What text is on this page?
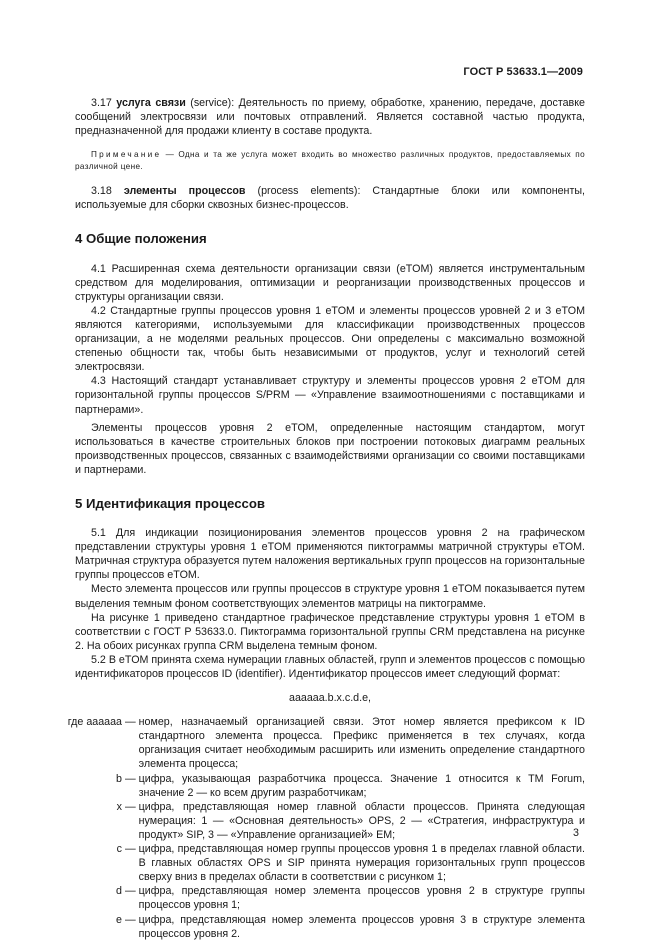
ГОСТ Р 53633.1—2009

3.17 услуга связи (service): Деятельность по приему, обработке, хранению, передаче, доставке сообщений электросвязи или почтовых отправлений. Является составной частью продукта, предназначенной для продажи клиенту в составе продукта.

Примечание — Одна и та же услуга может входить во множество различных продуктов, предоставляемых по различной цене.

3.18 элементы процессов (process elements): Стандартные блоки или компоненты, используемые для сборки сквозных бизнес-процессов.

4 Общие положения

4.1 Расширенная схема деятельности организации связи (eTOM) является инструментальным средством для моделирования, оптимизации и реорганизации производственных процессов и структуры организации связи.

4.2 Стандартные группы процессов уровня 1 eTOM и элементы процессов уровней 2 и 3 eTOM являются категориями, используемыми для классификации производственных процессов организации, а не моделями реальных процессов. Они определены с максимально возможной степенью общности так, чтобы быть независимыми от продуктов, услуг и технологий сетей электросвязи.

4.3 Настоящий стандарт устанавливает структуру и элементы процессов уровня 2 eTOM для горизонтальной группы процессов S/PRM — «Управление взаимоотношениями с поставщиками и партнерами».

Элементы процессов уровня 2 eTOM, определенные настоящим стандартом, могут использоваться в качестве строительных блоков при построении потоковых диаграмм реальных производственных процессов, связанных с взаимодействиями организации со своими поставщиками и партнерами.

5 Идентификация процессов

5.1 Для индикации позиционирования элементов процессов уровня 2 на графическом представлении структуры уровня 1 eTOM применяются пиктограммы матричной структуры eTOM. Матричная структура образуется путем наложения вертикальных групп процессов на горизонтальные группы процессов eTOM.

Место элемента процессов или группы процессов в структуре уровня 1 eTOM показывается путем выделения темным фоном соответствующих элементов матрицы на пиктограмме.

На рисунке 1 приведено стандартное графическое представление структуры уровня 1 eTOM в соответствии с ГОСТ Р 53633.0. Пиктограмма горизонтальной группы CRM представлена на рисунке 2. На обоих рисунках группа CRM выделена темным фоном.

5.2 В eTOM принята схема нумерации главных областей, групп и элементов процессов с помощью идентификаторов процессов ID (identifier). Идентификатор процессов имеет следующий формат:

aaaaaa.b.x.c.d.e,
где aaaaaa — номер, назначаемый организацией связи. Этот номер является префиксом к ID стандартного элемента процесса. Префикс применяется в тех случаях, когда организация считает необходимым расширить или изменить определение стандартного элемента процесса;
b — цифра, указывающая разработчика процесса. Значение 1 относится к TM Forum, значение 2 — ко всем другим разработчикам;
x — цифра, представляющая номер главной области процессов. Принята следующая нумерация: 1 — «Основная деятельность» OPS, 2 — «Стратегия, инфраструктура и продукт» SIP, 3 — «Управление организацией» EM;
c — цифра, представляющая номер группы процессов уровня 1 в пределах главной области. В главных областях OPS и SIP принята нумерация горизонтальных групп процессов сверху вниз в пределах области в соответствии с рисунком 1;
d — цифра, представляющая номер элемента процессов уровня 2 в структуре группы процессов уровня 1;
e — цифра, представляющая номер элемента процессов уровня 3 в структуре элемента процессов уровня 2.
3
